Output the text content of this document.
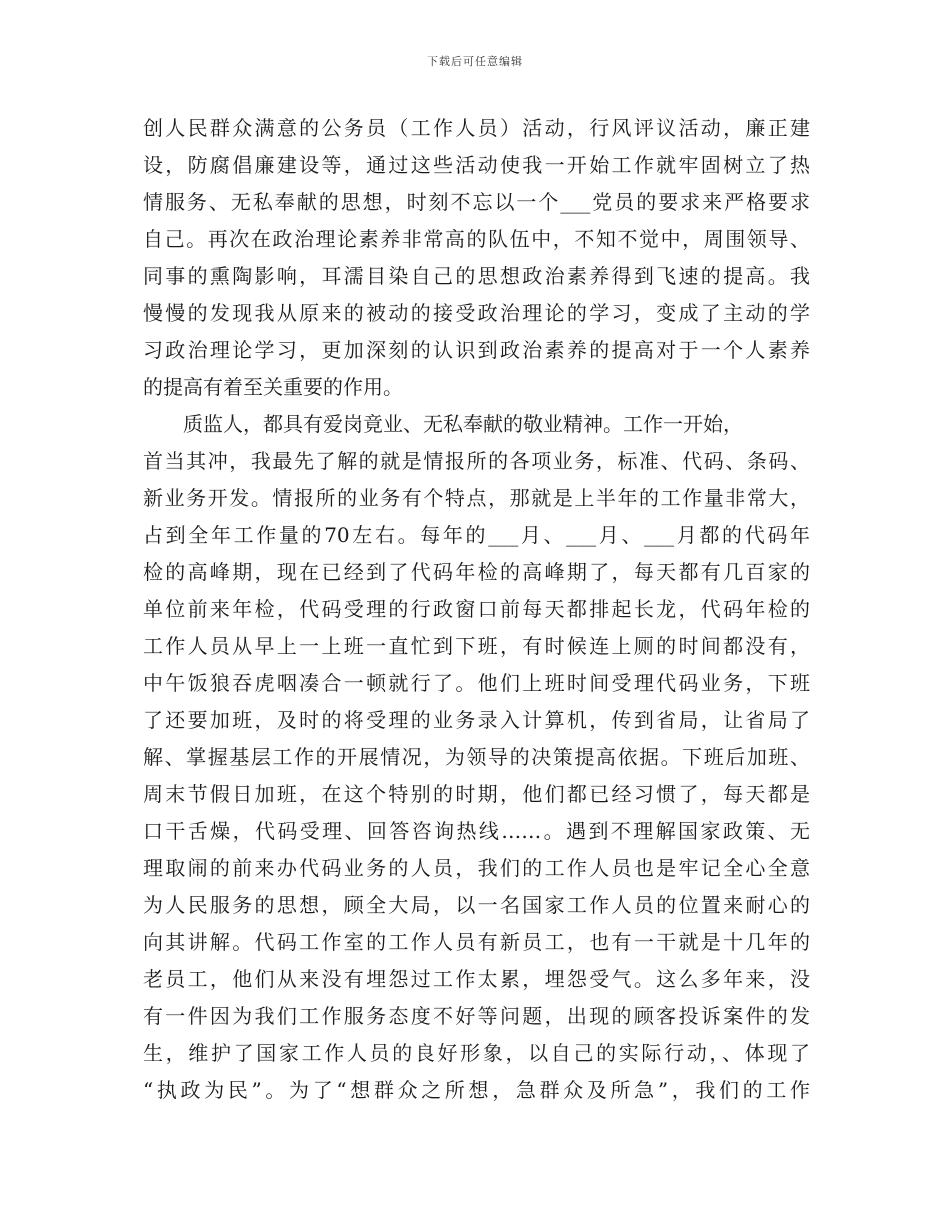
下载后可任意编辑
创人民群众满意的公务员（工作人员）活动，行风评议活动，廉正建
设，防腐倡廉建设等，通过这些活动使我一开始工作就牢固树立了热
情服务、无私奉献的思想，时刻不忘以一个___党员的要求来严格要求
自己。再次在政治理论素养非常高的队伍中，不知不觉中，周围领导、
同事的熏陶影响，耳濡目染自己的思想政治素养得到飞速的提高。我
慢慢的发现我从原来的被动的接受政治理论的学习，变成了主动的学
习政治理论学习，更加深刻的认识到政治素养的提高对于一个人素养
的提高有着至关重要的作用。
质监人，都具有爱岗竟业、无私奉献的敬业精神。工作一开始，
首当其冲，我最先了解的就是情报所的各项业务，标准、代码、条码、
新业务开发。情报所的业务有个特点，那就是上半年的工作量非常大，
占到全年工作量的70左右。每年的___月、___月、___月都的代码年
检的高峰期，现在已经到了代码年检的高峰期了，每天都有几百家的
单位前来年检，代码受理的行政窗口前每天都排起长龙，代码年检的
工作人员从早上一上班一直忙到下班，有时候连上厕的时间都没有，
中午饭狼吞虎咽凑合一顿就行了。他们上班时间受理代码业务，下班
了还要加班，及时的将受理的业务录入计算机，传到省局，让省局了
解、掌握基层工作的开展情况，为领导的决策提高依据。下班后加班、
周末节假日加班，在这个特别的时期，他们都已经习惯了，每天都是
口干舌燥，代码受理、回答咨询热线……。遇到不理解国家政策、无
理取闹的前来办代码业务的人员，我们的工作人员也是牢记全心全意
为人民服务的思想，顾全大局，以一名国家工作人员的位置来耐心的
向其讲解。代码工作室的工作人员有新员工，也有一干就是十几年的
老员工，他们从来没有埋怨过工作太累，埋怨受气。这么多年来，没
有一件因为我们工作服务态度不好等问题，出现的顾客投诉案件的发
生，维护了国家工作人员的良好形象，以自己的实际行动，、体现了
“执政为民”。为了“想群众之所想，急群众及所急”，我们的工作
